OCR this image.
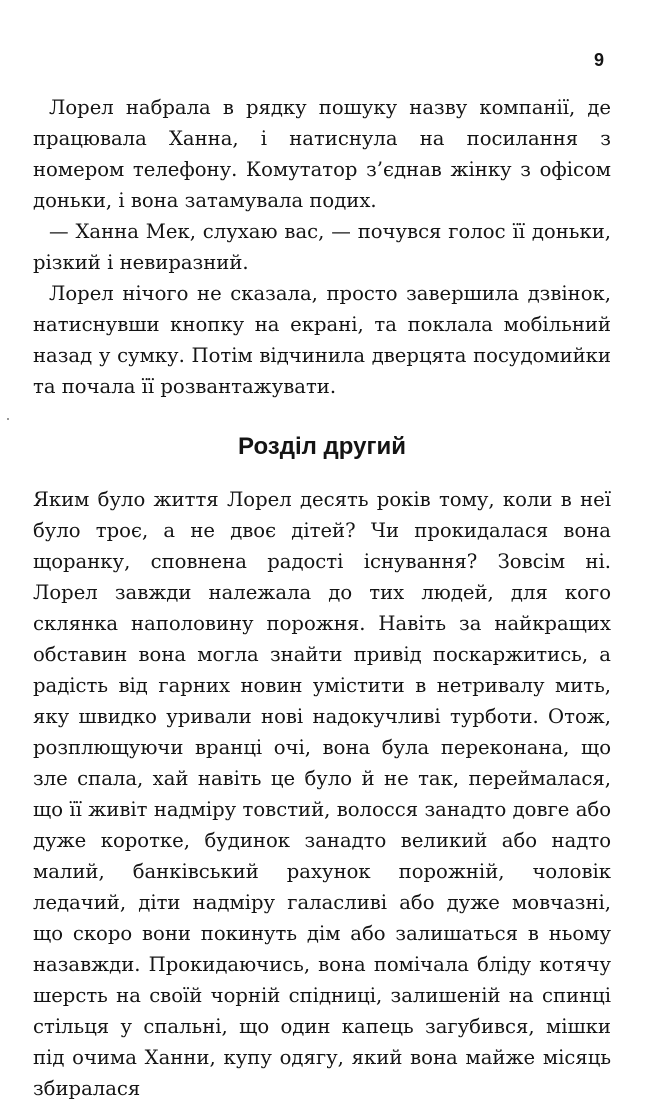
9

Лорел набрала в рядку пошуку назву компанії, де працювала Ханна, і натиснула на посилання з номером телефону. Комутатор з’єднав жінку з офісом доньки, і вона затамувала подих.

— Ханна Мек, слухаю вас, — почувся голос її доньки, різкий і невиразний.

Лорел нічого не сказала, просто завершила дзвінок, натиснувши кнопку на екрані, та поклала мобільний назад у сумку. Потім відчинила дверцята посудомийки та почала її розвантажувати.

Розділ другий

Яким було життя Лорел десять років тому, коли в неї було троє, а не двоє дітей? Чи прокидалася вона щоранку, сповнена радості існування? Зовсім ні. Лорел завжди належала до тих людей, для кого склянка наполовину порожня. Навіть за найкращих обставин вона могла знайти привід поскаржитись, а радість від гарних новин умістити в нетривалу мить, яку швидко уривали нові надокучливі турботи. Отож, розплющуючи вранці очі, вона була переконана, що зле спала, хай навіть це було й не так, переймалася, що її живіт надміру товстий, волосся занадто довге або дуже коротке, будинок занадто великий або надто малий, банківський рахунок порожній, чоловік ледачий, діти надміру галасливі або дуже мовчазні, що скоро вони покинуть дім або залишаться в ньому назавжди. Прокидаючись, вона помічала бліду котячу шерсть на своїй чорній спідниці, залишеній на спинці стільця у спальні, що один капець загубився, мішки під очима Ханни, купу одягу, який вона майже місяць збиралася
